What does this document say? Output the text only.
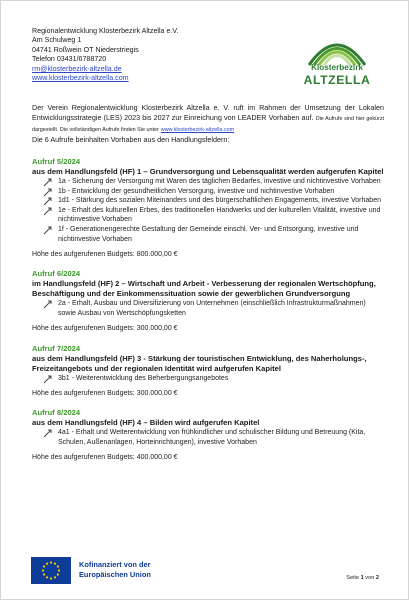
Regionalentwicklung Klosterbezirk Altzella e.V.
Am Schulweg 1
04741 Roßwein OT Niederstriegis
Telefon 03431/6788720
rm@klosterbezirk-altzella.de
www.klosterbezirk-altzella.com
Klosterbezirk
ALTZELLA
Der Verein Regionalentwicklung Klosterbezirk Altzella e. V. ruft im Rahmen der Umsetzung der Lokalen Entwicklungsstrategie (LES) 2023 bis 2027 zur Einreichung von LEADER Vorhaben auf. Die Aufrufe sind hier gekürzt dargestellt. Die vollständigen Aufrufe finden Sie unter www.klosterbezirk-altzella.com
Die 6 Aufrufe beinhalten Vorhaben aus den Handlungsfeldern:
Aufruf 5/2024
aus dem Handlungsfeld (HF) 1 – Grundversorgung und Lebensqualität werden aufgerufen Kapitel
1a - Sicherung der Versorgung mit Waren des täglichen Bedarfes, investive und nichtinvestive Vorhaben
1b - Entwicklung der gesundheitlichen Versorgung, investive und nichtinvestive Vorhaben
1d1 - Stärkung des sozialen Miteinanders und des bürgerschaftlichen Engagements, investive Vorhaben
1e - Erhalt des kulturellen Erbes, des traditionellen Handwerks und der kulturellen Vitalität, investive und nichtinvestive Vorhaben
1f - Generationengerechte Gestaltung der Gemeinde einschl. Ver- und Entsorgung, investive und nichtinvestive Vorhaben
Höhe des aufgerufenen Budgets: 800.000,00 €
Aufruf 6/2024
im Handlungsfeld (HF) 2 – Wirtschaft und Arbeit - Verbesserung der regionalen Wertschöpfung, Beschäftigung und der Einkommenssituation sowie der gewerblichen Grundversorgung
2a - Erhalt, Ausbau und Diversifizierung von Unternehmen (einschließlich Infrastrukturmaßnahmen) sowie Ausbau von Wertschöpfungsketten
Höhe des aufgerufenen Budgets: 300.000,00 €
Aufruf 7/2024
aus dem Handlungsfeld (HF) 3 - Stärkung der touristischen Entwicklung, des Naherholungs-, Freizeitangebots und der regionalen Identität wird aufgerufen Kapitel
3b1 - Weiterentwicklung des Beherbergungsangebotes
Höhe des aufgerufenen Budgets: 300.000,00 €
Aufruf 8/2024
aus dem Handlungsfeld (HF) 4 – Bilden wird aufgerufen Kapitel
4a1 - Erhalt und Weiterentwicklung von frühkindlicher und schulischer Bildung und Betreuung (Kita, Schulen, Außenanlagen, Horteinrichtungen), investive Vorhaben
Höhe des aufgerufenen Budgets: 400.000,00 €
Kofinanziert von der
Europäischen Union	Seite 1 von 2
